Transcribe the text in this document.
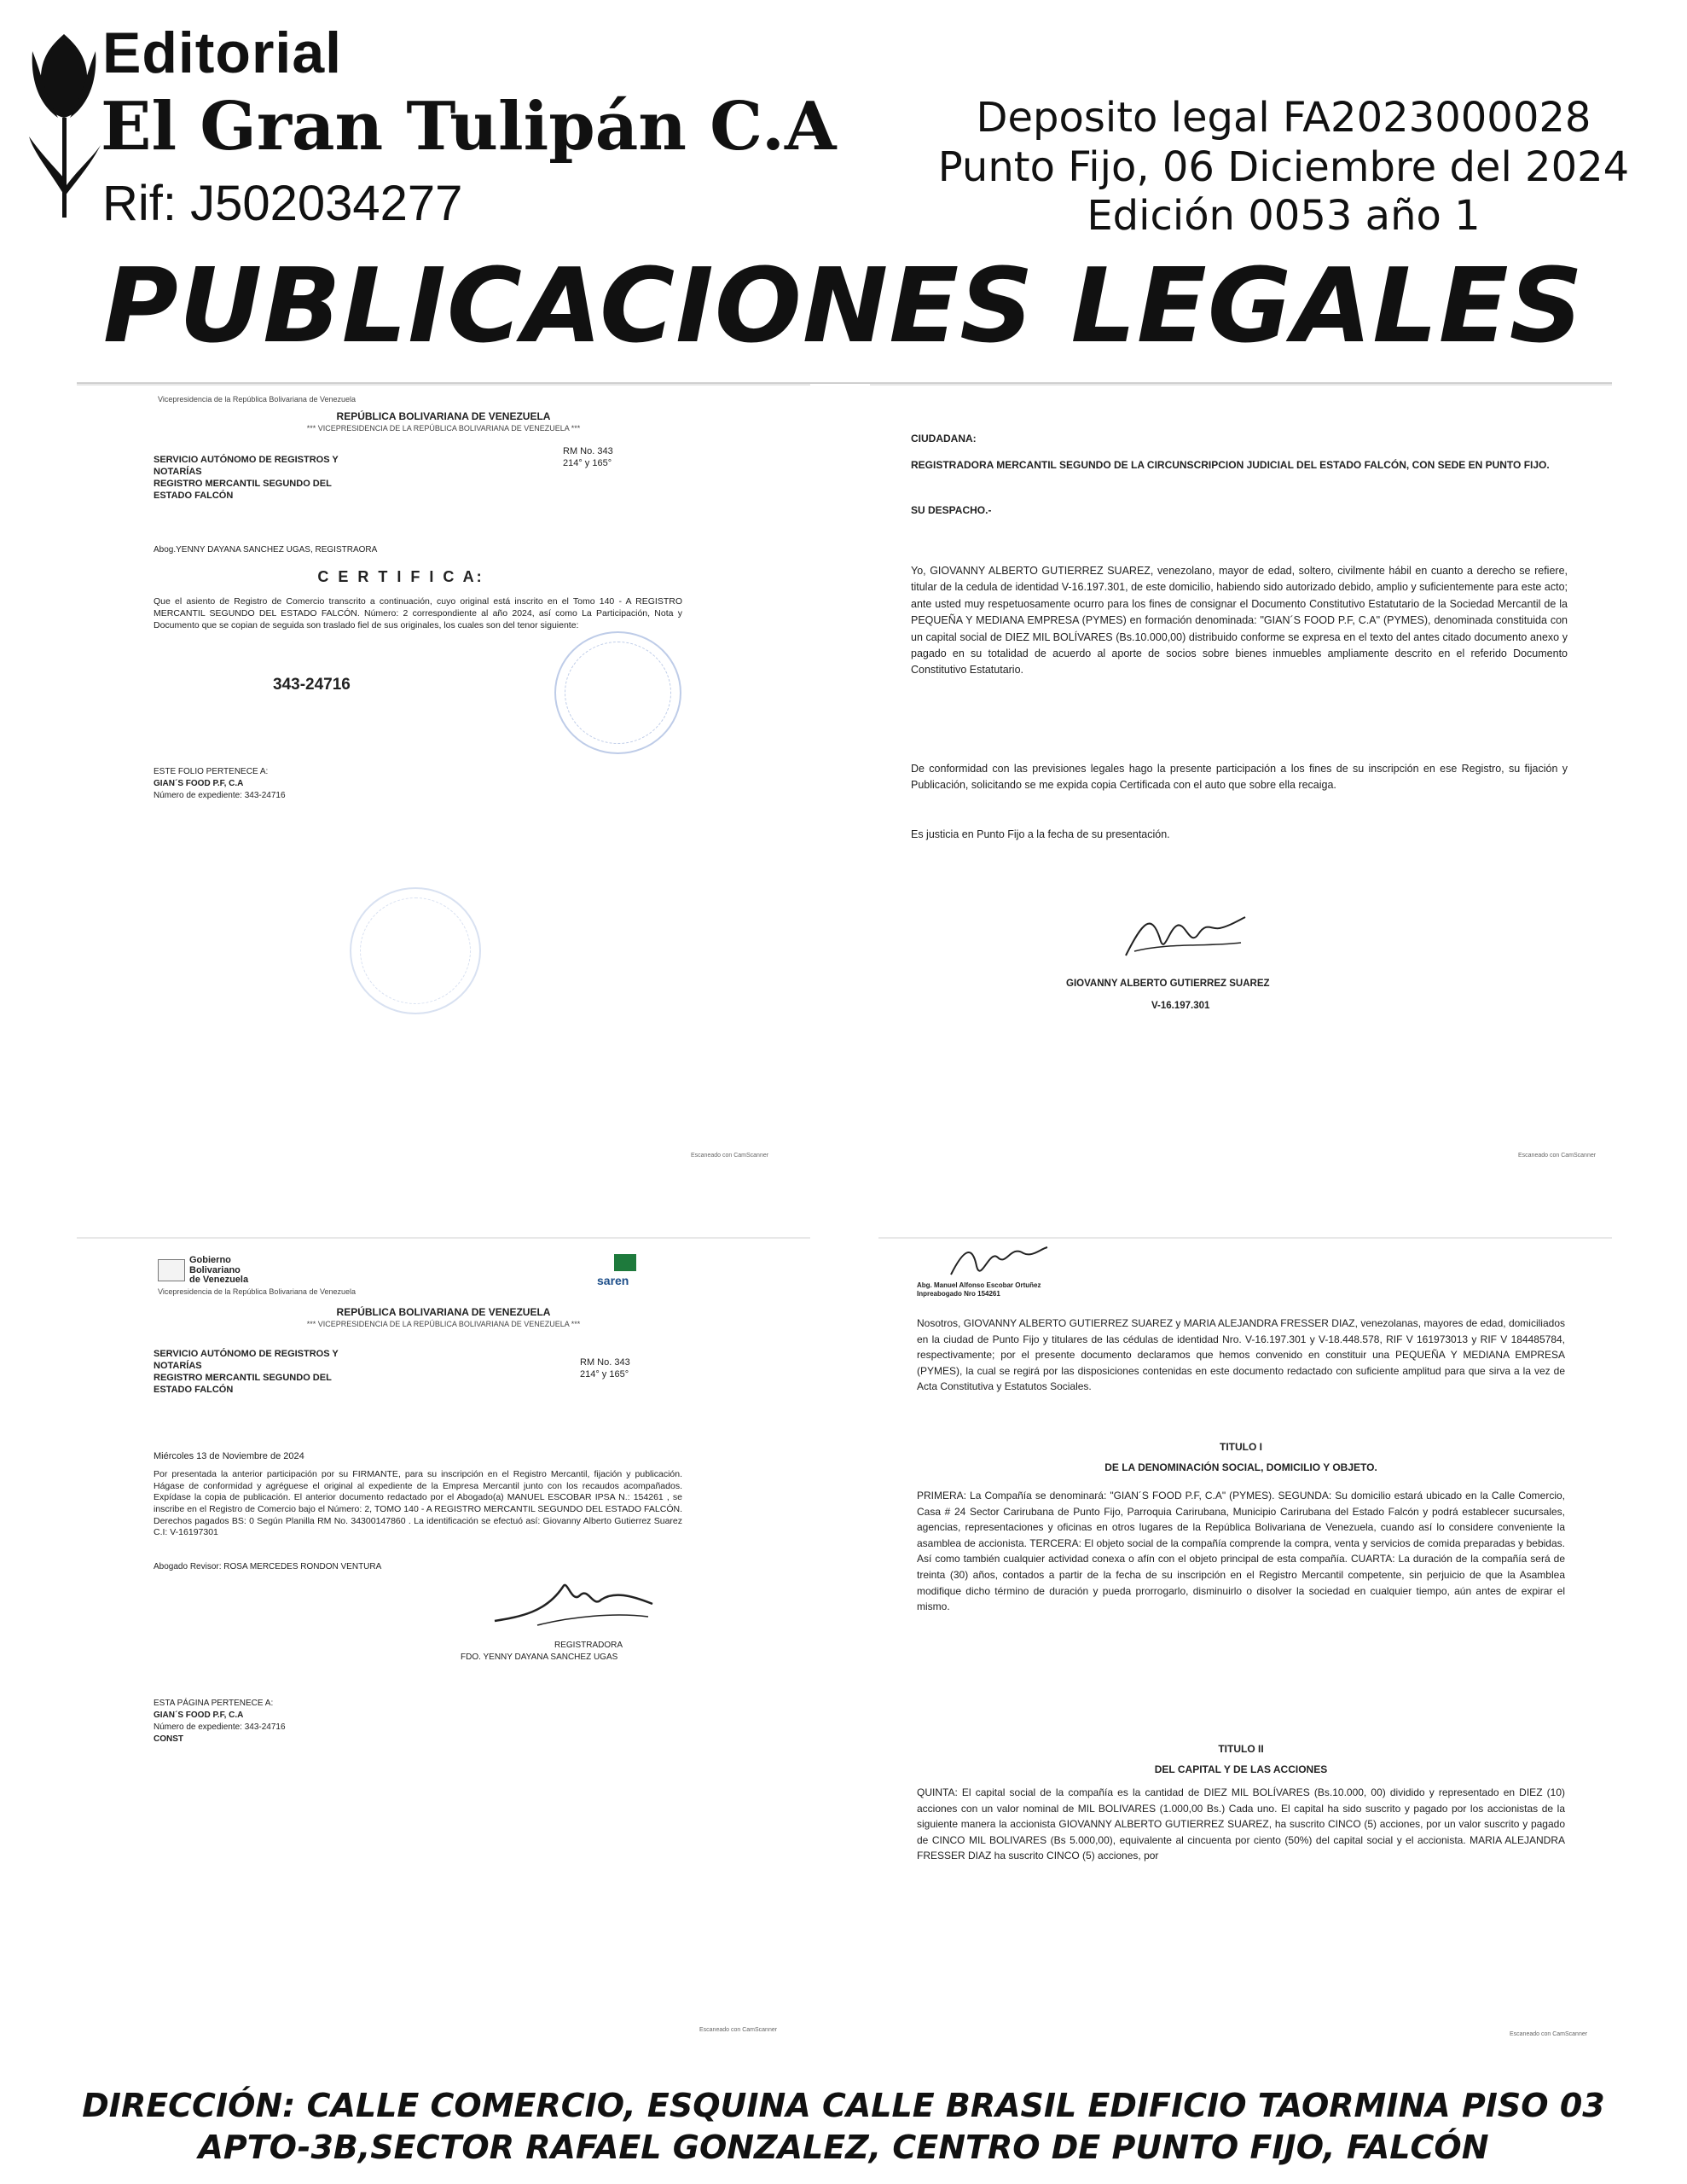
Editorial
El Gran Tulipán C.A
Rif: J502034277
Deposito legal FA2023000028
Punto Fijo, 06 Diciembre del 2024
Edición 0053 año 1
PUBLICACIONES LEGALES
Vicepresidencia de la República Bolivariana de Venezuela
REPÚBLICA BOLIVARIANA DE VENEZUELA
*** VICEPRESIDENCIA DE LA REPÚBLICA BOLIVARIANA DE VENEZUELA ***
SERVICIO AUTÓNOMO DE REGISTROS Y
NOTARÍAS
REGISTRO MERCANTIL SEGUNDO DEL
ESTADO FALCÓN
RM No. 343
214° y 165°
Abog.YENNY DAYANA SANCHEZ UGAS, REGISTRAORA
C E R T I F I C A:
Que el asiento de Registro de Comercio transcrito a continuación, cuyo original está inscrito en el Tomo 140 - A REGISTRO MERCANTIL SEGUNDO DEL ESTADO FALCÓN. Número: 2 correspondiente al año 2024, así como La Participación, Nota y Documento que se copian de seguida son traslado fiel de sus originales, los cuales son del tenor siguiente:
343-24716
ESTE FOLIO PERTENECE A:
GIAN´S FOOD P.F, C.A
Número de expediente: 343-24716
Escaneado con CamScanner
CIUDADANA:
REGISTRADORA MERCANTIL SEGUNDO DE LA CIRCUNSCRIPCION JUDICIAL DEL ESTADO FALCÓN, CON SEDE EN PUNTO FIJO.
SU DESPACHO.-
Yo, GIOVANNY ALBERTO GUTIERREZ SUAREZ, venezolano, mayor de edad, soltero, civilmente hábil en cuanto a derecho se refiere, titular de la cedula de identidad V-16.197.301, de este domicilio, habiendo sido autorizado debido, amplio y suficientemente para este acto; ante usted muy respetuosamente ocurro para los fines de consignar el Documento Constitutivo Estatutario de la Sociedad Mercantil de la PEQUEÑA Y MEDIANA EMPRESA (PYMES) en formación denominada: "GIAN´S FOOD P.F, C.A" (PYMES), denominada constituida con un capital social de DIEZ MIL BOLÍVARES (Bs.10.000,00) distribuido conforme se expresa en el texto del antes citado documento anexo y pagado en su totalidad de acuerdo al aporte de socios sobre bienes inmuebles ampliamente descrito en el referido Documento Constitutivo Estatutario.
De conformidad con las previsiones legales hago la presente participación a los fines de su inscripción en ese Registro, su fijación y Publicación, solicitando se me expida copia Certificada con el auto que sobre ella recaiga.
Es justicia en Punto Fijo a la fecha de su presentación.
GIOVANNY ALBERTO GUTIERREZ SUAREZ
V-16.197.301
Escaneado con CamScanner
Gobierno
Bolivariano
de Venezuela	saren
Vicepresidencia de la República Bolivariana de Venezuela
REPÚBLICA BOLIVARIANA DE VENEZUELA
*** VICEPRESIDENCIA DE LA REPÚBLICA BOLIVARIANA DE VENEZUELA ***
SERVICIO AUTÓNOMO DE REGISTROS Y
NOTARÍAS
REGISTRO MERCANTIL SEGUNDO DEL
ESTADO FALCÓN
RM No. 343
214° y 165°
Miércoles 13 de Noviembre de 2024
Por presentada la anterior participación por su FIRMANTE, para su inscripción en el Registro Mercantil, fijación y publicación. Hágase de conformidad y agréguese el original al expediente de la Empresa Mercantil junto con los recaudos acompañados. Expídase la copia de publicación. El anterior documento redactado por el Abogado(a) MANUEL ESCOBAR IPSA N.: 154261 , se inscribe en el Registro de Comercio bajo el Número: 2, TOMO 140 - A REGISTRO MERCANTIL SEGUNDO DEL ESTADO FALCÓN. Derechos pagados BS: 0 Según Planilla RM No. 34300147860 . La identificación se efectuó así: Giovanny Alberto Gutierrez Suarez C.I: V-16197301
Abogado Revisor: ROSA MERCEDES RONDON VENTURA
REGISTRADORA
FDO. YENNY DAYANA SANCHEZ UGAS
ESTA PÁGINA PERTENECE A:
GIAN´S FOOD P.F, C.A
Número de expediente: 343-24716
CONST
Escaneado con CamScanner
Abg. Manuel Alfonso Escobar Ortuñez
Inpreabogado Nro 154261
Nosotros, GIOVANNY ALBERTO GUTIERREZ SUAREZ y MARIA ALEJANDRA FRESSER DIAZ, venezolanas, mayores de edad, domiciliados en la ciudad de Punto Fijo y titulares de las cédulas de identidad Nro. V-16.197.301 y V-18.448.578, RIF V 161973013 y RIF V 184485784, respectivamente; por el presente documento declaramos que hemos convenido en constituir una PEQUEÑA Y MEDIANA EMPRESA (PYMES), la cual se regirá por las disposiciones contenidas en este documento redactado con suficiente amplitud para que sirva a la vez de Acta Constitutiva y Estatutos Sociales.
TITULO I
DE LA DENOMINACIÓN SOCIAL, DOMICILIO Y OBJETO.
PRIMERA: La Compañía se denominará: "GIAN´S FOOD P.F, C.A" (PYMES). SEGUNDA: Su domicilio estará ubicado en la Calle Comercio, Casa # 24 Sector Carirubana de Punto Fijo, Parroquia Carirubana, Municipio Carirubana del Estado Falcón y podrá establecer sucursales, agencias, representaciones y oficinas en otros lugares de la República Bolivariana de Venezuela, cuando así lo considere conveniente la asamblea de accionista. TERCERA: El objeto social de la compañía comprende la compra, venta y servicios de comida preparadas y bebidas. Así como también cualquier actividad conexa o afín con el objeto principal de esta compañía. CUARTA: La duración de la compañía será de treinta (30) años, contados a partir de la fecha de su inscripción en el Registro Mercantil competente, sin perjuicio de que la Asamblea modifique dicho término de duración y pueda prorrogarlo, disminuirlo o disolver la sociedad en cualquier tiempo, aún antes de expirar el mismo.
TITULO II
DEL CAPITAL Y DE LAS ACCIONES
QUINTA: El capital social de la compañía es la cantidad de DIEZ MIL BOLÍVARES (Bs.10.000, 00) dividido y representado en DIEZ (10) acciones con un valor nominal de MIL BOLIVARES (1.000,00 Bs.) Cada uno. El capital ha sido suscrito y pagado por los accionistas de la siguiente manera la accionista GIOVANNY ALBERTO GUTIERREZ SUAREZ, ha suscrito CINCO (5) acciones, por un valor suscrito y pagado de CINCO MIL BOLIVARES (Bs 5.000,00), equivalente al cincuenta por ciento (50%) del capital social y el accionista. MARIA ALEJANDRA FRESSER DIAZ ha suscrito CINCO (5) acciones, por
Escaneado con CamScanner
DIRECCIÓN: CALLE COMERCIO, ESQUINA CALLE BRASIL EDIFICIO TAORMINA PISO 03
APTO-3B,SECTOR RAFAEL GONZALEZ, CENTRO DE PUNTO FIJO, FALCÓN
